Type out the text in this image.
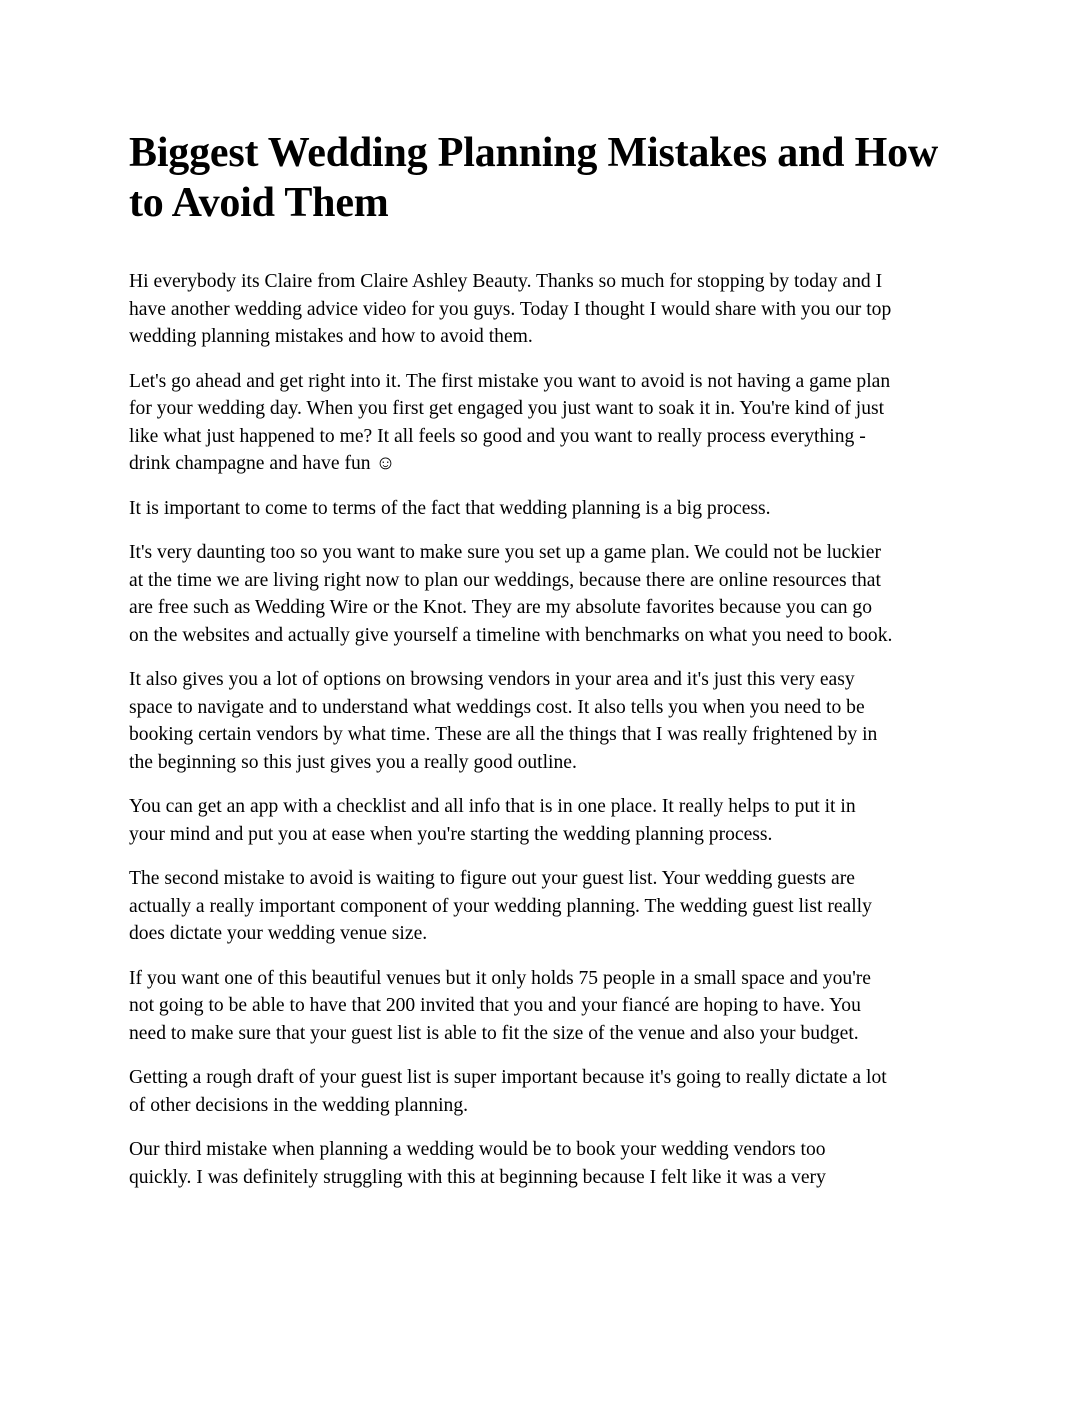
Biggest Wedding Planning Mistakes and How
to Avoid Them

Hi everybody its Claire from Claire Ashley Beauty. Thanks so much for stopping by today and I
have another wedding advice video for you guys. Today I thought I would share with you our top
wedding planning mistakes and how to avoid them.

Let's go ahead and get right into it. The first mistake you want to avoid is not having a game plan
for your wedding day. When you first get engaged you just want to soak it in. You're kind of just
like what just happened to me? It all feels so good and you want to really process everything -
drink champagne and have fun ☺

It is important to come to terms of the fact that wedding planning is a big process.

It's very daunting too so you want to make sure you set up a game plan. We could not be luckier
at the time we are living right now to plan our weddings, because there are online resources that
are free such as Wedding Wire or the Knot. They are my absolute favorites because you can go
on the websites and actually give yourself a timeline with benchmarks on what you need to book.

It also gives you a lot of options on browsing vendors in your area and it's just this very easy
space to navigate and to understand what weddings cost. It also tells you when you need to be
booking certain vendors by what time. These are all the things that I was really frightened by in
the beginning so this just gives you a really good outline.

You can get an app with a checklist and all info that is in one place. It really helps to put it in
your mind and put you at ease when you're starting the wedding planning process.

The second mistake to avoid is waiting to figure out your guest list. Your wedding guests are
actually a really important component of your wedding planning. The wedding guest list really
does dictate your wedding venue size.

If you want one of this beautiful venues but it only holds 75 people in a small space and you're
not going to be able to have that 200 invited that you and your fiancé are hoping to have. You
need to make sure that your guest list is able to fit the size of the venue and also your budget.

Getting a rough draft of your guest list is super important because it's going to really dictate a lot
of other decisions in the wedding planning.

Our third mistake when planning a wedding would be to book your wedding vendors too
quickly. I was definitely struggling with this at beginning because I felt like it was a very
